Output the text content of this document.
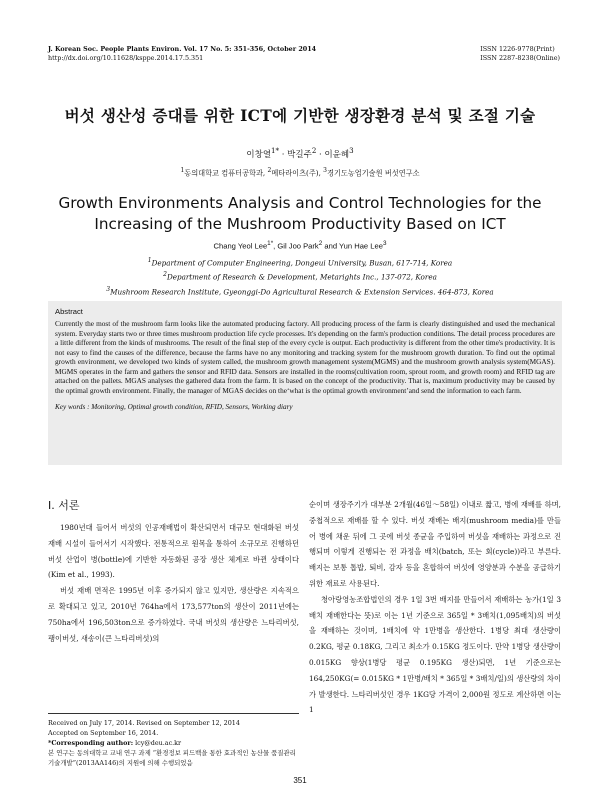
J. Korean Soc. People Plants Environ. Vol. 17 No. 5: 351-356, October 2014
http://dx.doi.org/10.11628/ksppe.2014.17.5.351
ISSN 1226-9778(Print)
ISSN 2287-8238(Online)
버섯 생산성 증대를 위한 ICT에 기반한 생장환경 분석 및 조절 기술
이창열$^{1*}$ · 박길주$^2$ · 이윤혜$^3$
$^1$동의대학교 컴퓨터공학과, $^2$메타라이츠(주), $^3$경기도농업기술원 버섯연구소
Growth Environments Analysis and Control Technologies for the
Increasing of the Mushroom Productivity Based on ICT
Chang Yeol Lee$^{1*}$, Gil Joo Park$^2$ and Yun Hae Lee$^3$
$^1$Department of Computer Engineering, Dongeui University, Busan, 617-714, Korea
$^2$Department of Research & Development, Metarights Inc., 137-072, Korea
$^3$Mushroom Research Institute, Gyeonggi-Do Agricultural Research & Extension Services. 464-873, Korea
Abstract
Currently the most of the mushroom farm looks like the automated producing factory. All producing process of the farm is clearly distinguished and used the mechanical system. Everyday starts two or three times mushroom production life cycle processes. It's depending on the farm's production conditions. The detail process procedures are a little different from the kinds of mushrooms. The result of the final step of the every cycle is output. Each productivity is different from the other time's productivity. It is not easy to find the causes of the difference, because the farms have no any monitoring and tracking system for the mushroom growth duration. To find out the optimal growth environment, we developed two kinds of system called, the mushroom growth management system(MGMS) and the mushroom growth analysis system(MGAS). MGMS operates in the farm and gathers the sensor and RFID data. Sensors are installed in the rooms(cultivation room, sprout room, and growth room) and RFID tag are attached on the pallets. MGAS analyses the gathered data from the farm. It is based on the concept of the productivity. That is, maximum productivity may be caused by the optimal growth environment. Finally, the manager of MGAS decides on the‘what is the optimal growth environment’and send the information to each farm.
Key words : Monitoring, Optimal growth condition, RFID, Sensors, Working diary
Ⅰ. 서론

1980년대 들어서 버섯의 인공재배법이 확산되면서 대규모 현대화된 버섯 재배 시설이 들어서기 시작했다. 전통적으로 원목을 통하여 소규모로 진행하던 버섯 산업이 병(bottle)에 기반한 자동화된 공장 생산 체계로 바뀐 상태이다(Kim et al., 1993).

버섯 재배 면적은 1995년 이후 증가되지 않고 있지만, 생산량은 지속적으로 확대되고 있고, 2010년 764ha에서 173,577ton의 생산이 2011년에는 750ha에서 196,503ton으로 증가하였다. 국내 버섯의 생산량은 느타리버섯, 팽이버섯, 새송이(큰 느타리버섯)의

순이며 생장주기가 대부분 2개월(46일～58일) 이내로 짧고, 병에 재배를 하며, 중첩적으로 재배를 할 수 있다. 버섯 재배는 배지(mushroom media)를 만들어 병에 채운 뒤에 그 곳에 버섯 종균을 주입하여 버섯을 재배하는 과정으로 진행되며 이렇게 진행되는 전 과정을 배치(batch, 또는 회(cycle))라고 부른다. 배지는 보통 톱밥, 퇴비, 감자 등을 혼합하여 버섯에 영양분과 수분을 공급하기 위한 재료로 사용된다.

청아랑영농조합법인의 경우 1일 3번 배지를 만들어서 재배하는 농가(1일 3배치 재배한다는 뜻)로 이는 1년 기준으로 365일 * 3배치(1,095배치)의 버섯을 재배하는 것이며, 1배치에 약 1만병을 생산한다. 1병당 최대 생산량이 0.2KG, 평균 0.18KG, 그리고 최소가 0.15KG 정도이다. 만약 1병당 생산량이 0.015KG 향상(1병당 평균 0.195KG 생산)되면, 1년 기준으로는 164,250KG(= 0.015KG * 1만병/배치 * 365일 * 3배치/일)의 생산량의 차이가 발생한다. 느타리버섯인 경우 1KG당 가격이 2,000원 정도로 계산하면 이는 1

Received on July 17, 2014. Revised on September 12, 2014
Accepted on September 16, 2014.
*Corresponding author: lcy@deu.ac.kr
본 연구는 동의대학교 교내 연구 과제 “환경정보 피드백을 통한 효과적인 농산물 품질관리기술개발”(2013AA146)의 지원에 의해 수행되었음
351
